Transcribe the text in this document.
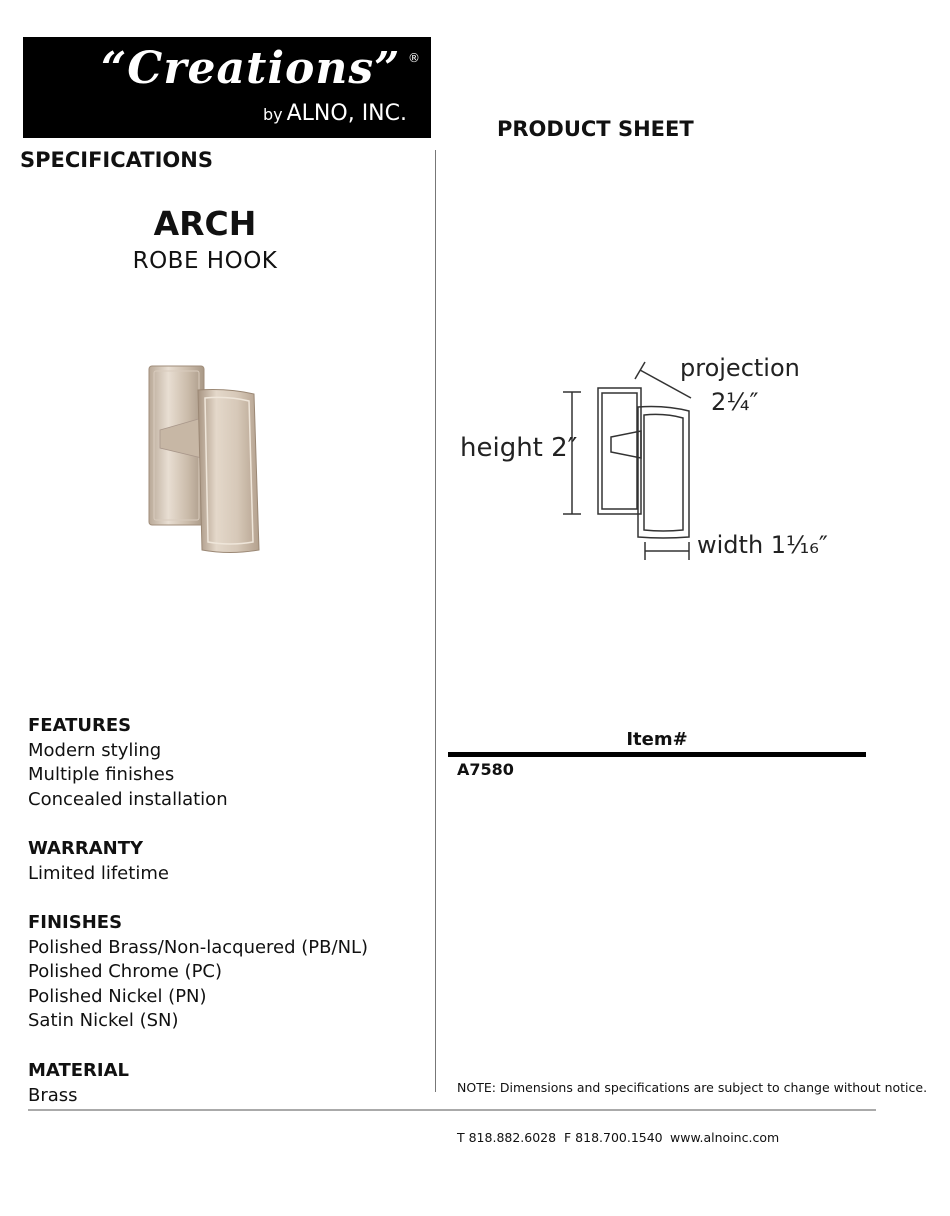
“Creations” ®
by ALNO, INC.
PRODUCT SHEET
SPECIFICATIONS
ARCH
ROBE HOOK
projection
2¼″
height 2″
width 1⅟₁₆″
FEATURES
Modern styling
Multiple finishes
Concealed installation
WARRANTY
Limited lifetime
FINISHES
Polished Brass/Non-lacquered (PB/NL)
Polished Chrome (PC)
Polished Nickel (PN)
Satin Nickel (SN)
MATERIAL
Brass
Item#
A7580
NOTE: Dimensions and specifications are subject to change without notice.
T 818.882.6028 F 818.700.1540 www.alnoinc.com
